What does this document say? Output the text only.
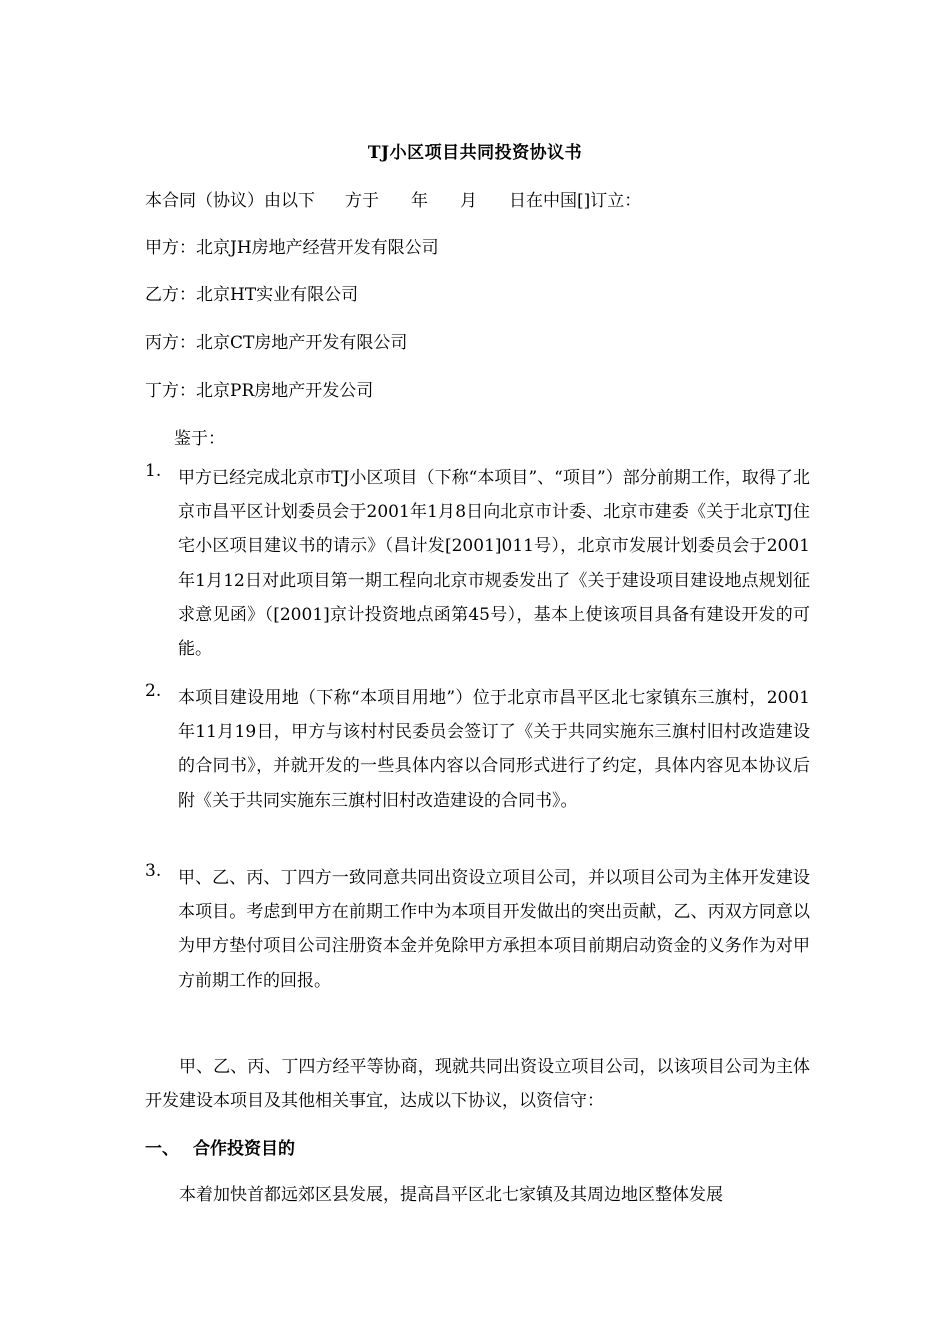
TJ小区项目共同投资协议书
本合同（协议）由以下 方于 年 月 日在中国[]订立：
甲方：北京JH房地产经营开发有限公司
乙方：北京HT实业有限公司
丙方：北京CT房地产开发有限公司
丁方：北京PR房地产开发公司
鉴于：
1. 甲方已经完成北京市TJ小区项目（下称“本项目”、“项目”）部分前期工作，取得了北京市昌平区计划委员会于2001年1月8日向北京市计委、北京市建委《关于北京TJ住宅小区项目建议书的请示》（昌计发[2001]011号），北京市发展计划委员会于2001年1月12日对此项目第一期工程向北京市规委发出了《关于建设项目建设地点规划征求意见函》（[2001]京计投资地点函第45号），基本上使该项目具备有建设开发的可能。
2. 本项目建设用地（下称“本项目用地”）位于北京市昌平区北七家镇东三旗村，2001年11月19日，甲方与该村村民委员会签订了《关于共同实施东三旗村旧村改造建设的合同书》，并就开发的一些具体内容以合同形式进行了约定，具体内容见本协议后附《关于共同实施东三旗村旧村改造建设的合同书》。
3. 甲、乙、丙、丁四方一致同意共同出资设立项目公司，并以项目公司为主体开发建设本项目。考虑到甲方在前期工作中为本项目开发做出的突出贡献，乙、丙双方同意以为甲方垫付项目公司注册资本金并免除甲方承担本项目前期启动资金的义务作为对甲方前期工作的回报。
甲、乙、丙、丁四方经平等协商，现就共同出资设立项目公司，以该项目公司为主体开发建设本项目及其他相关事宜，达成以下协议，以资信守：
一、 合作投资目的
本着加快首都远郊区县发展，提高昌平区北七家镇及其周边地区整体发展
